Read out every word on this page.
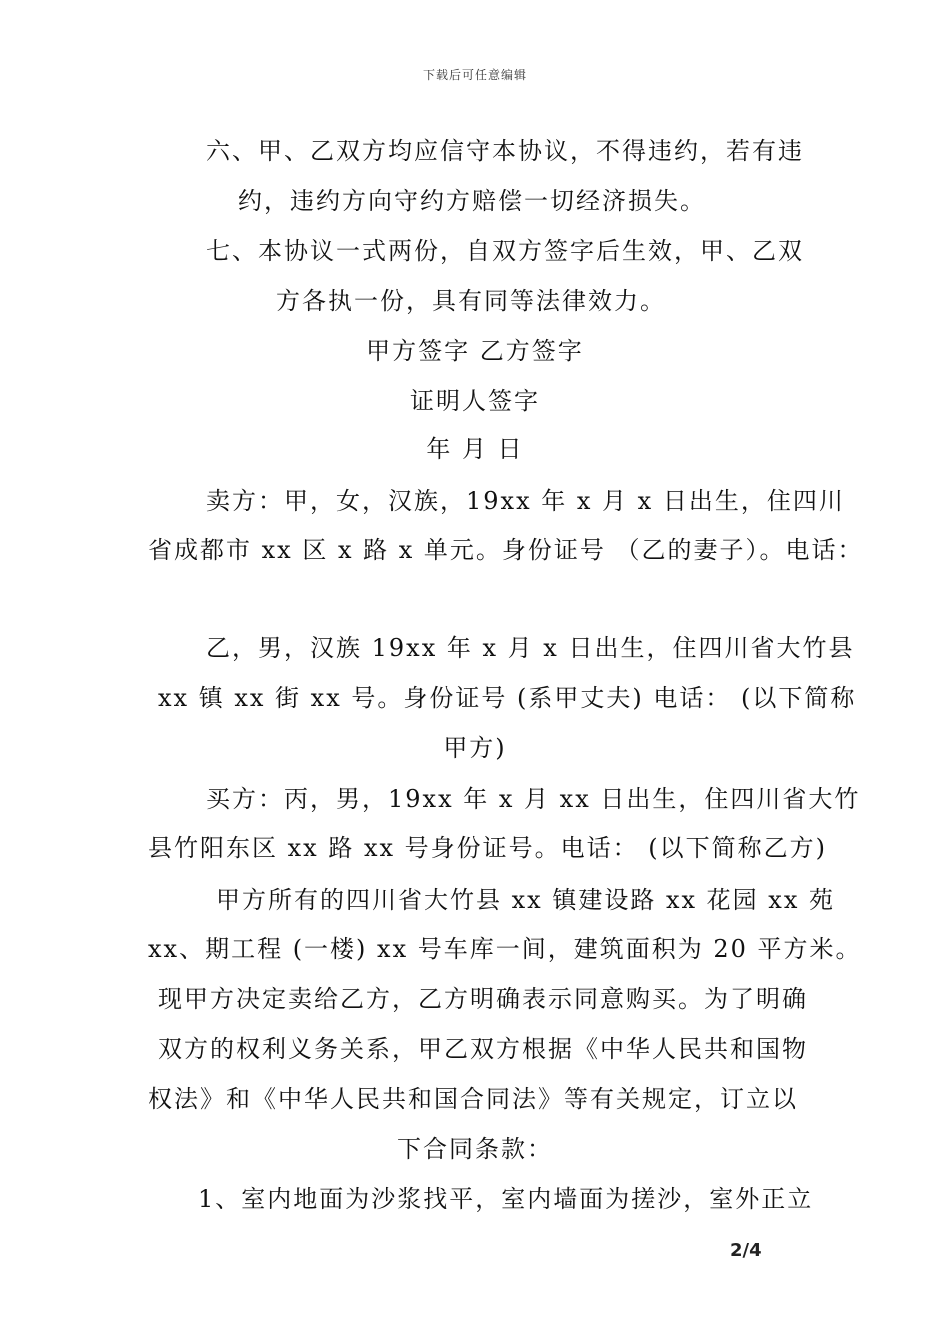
下载后可任意编辑
六、甲、乙双方均应信守本协议，不得违约，若有违
约，违约方向守约方赔偿一切经济损失。
七、本协议一式两份，自双方签字后生效，甲、乙双
方各执一份，具有同等法律效力。
甲方签字 乙方签字
证明人签字
年 月 日
卖方：甲，女，汉族，19xx 年 x 月 x 日出生，住四川
省成都市 xx 区 x 路 x 单元。身份证号 （乙的妻子）。电话：
乙，男，汉族 19xx 年 x 月 x 日出生，住四川省大竹县
xx 镇 xx 街 xx 号。身份证号 (系甲丈夫) 电话： (以下简称
甲方)
买方：丙，男，19xx 年 x 月 xx 日出生，住四川省大竹
县竹阳东区 xx 路 xx 号身份证号。电话： (以下简称乙方)
甲方所有的四川省大竹县 xx 镇建设路 xx 花园 xx 苑
xx、期工程 (一楼) xx 号车库一间，建筑面积为 20 平方米。
现甲方决定卖给乙方，乙方明确表示同意购买。为了明确
双方的权利义务关系，甲乙双方根据《中华人民共和国物
权法》和《中华人民共和国合同法》等有关规定，订立以
下合同条款：
1、室内地面为沙浆找平，室内墙面为搓沙，室外正立
2/4
